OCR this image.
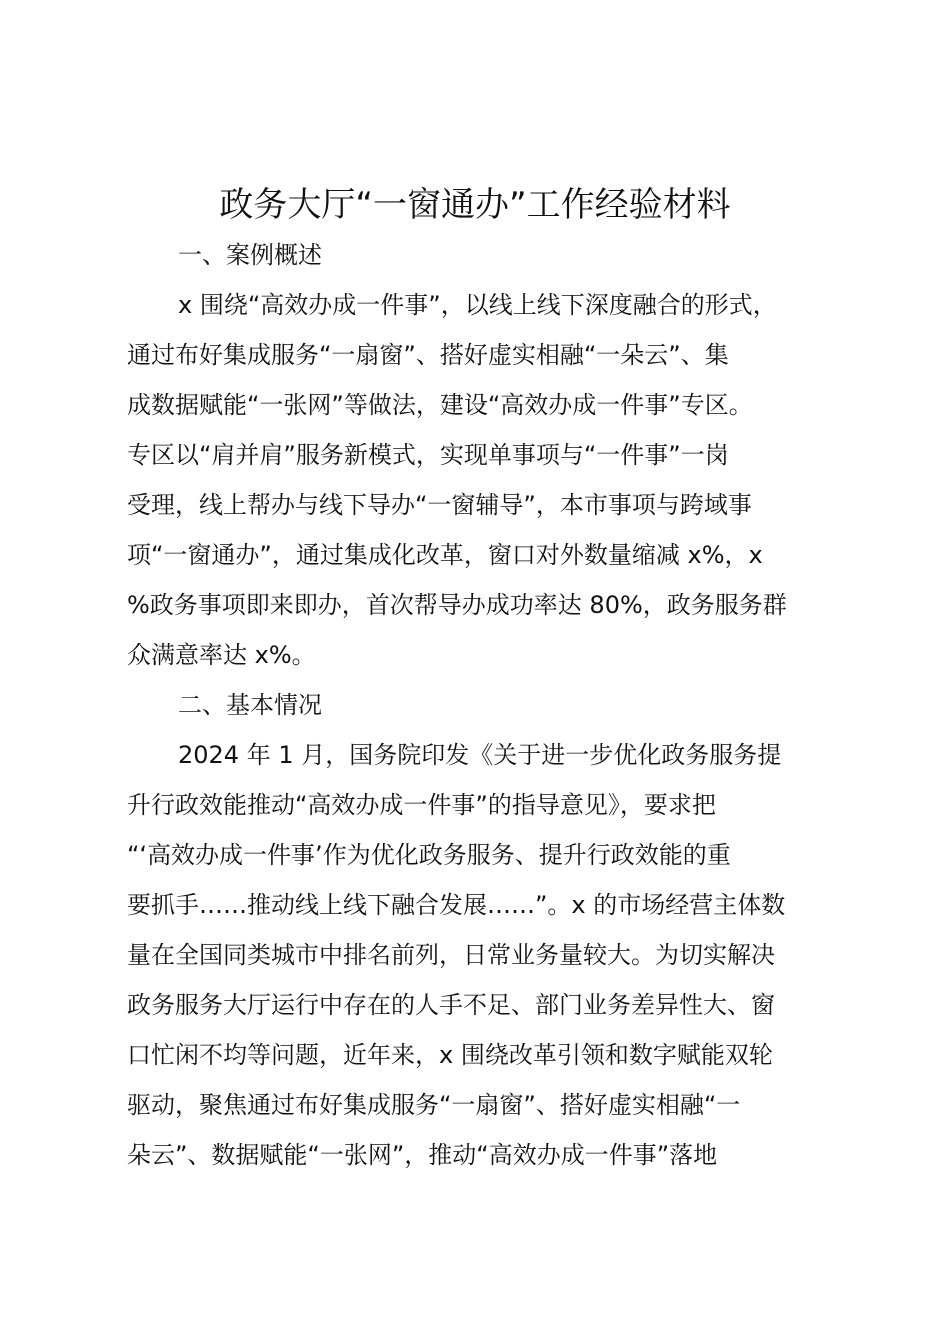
政务大厅“一窗通办”工作经验材料
一、案例概述
x 围绕“高效办成一件事”，以线上线下深度融合的形式，
通过布好集成服务“一扇窗”、搭好虚实相融“一朵云”、集
成数据赋能“一张网”等做法，建设“高效办成一件事”专区。
专区以“肩并肩”服务新模式，实现单事项与“一件事”一岗
受理，线上帮办与线下导办“一窗辅导”，本市事项与跨域事
项“一窗通办”，通过集成化改革，窗口对外数量缩减 x%，x
%政务事项即来即办，首次帮导办成功率达 80%，政务服务群
众满意率达 x%。
二、基本情况
2024 年 1 月，国务院印发《关于进一步优化政务服务提
升行政效能推动“高效办成一件事”的指导意见》，要求把
“‘高效办成一件事’作为优化政务服务、提升行政效能的重
要抓手……推动线上线下融合发展……”。x 的市场经营主体数
量在全国同类城市中排名前列，日常业务量较大。为切实解决
政务服务大厅运行中存在的人手不足、部门业务差异性大、窗
口忙闲不均等问题，近年来，x 围绕改革引领和数字赋能双轮
驱动，聚焦通过布好集成服务“一扇窗”、搭好虚实相融“一
朵云”、数据赋能“一张网”，推动“高效办成一件事”落地
